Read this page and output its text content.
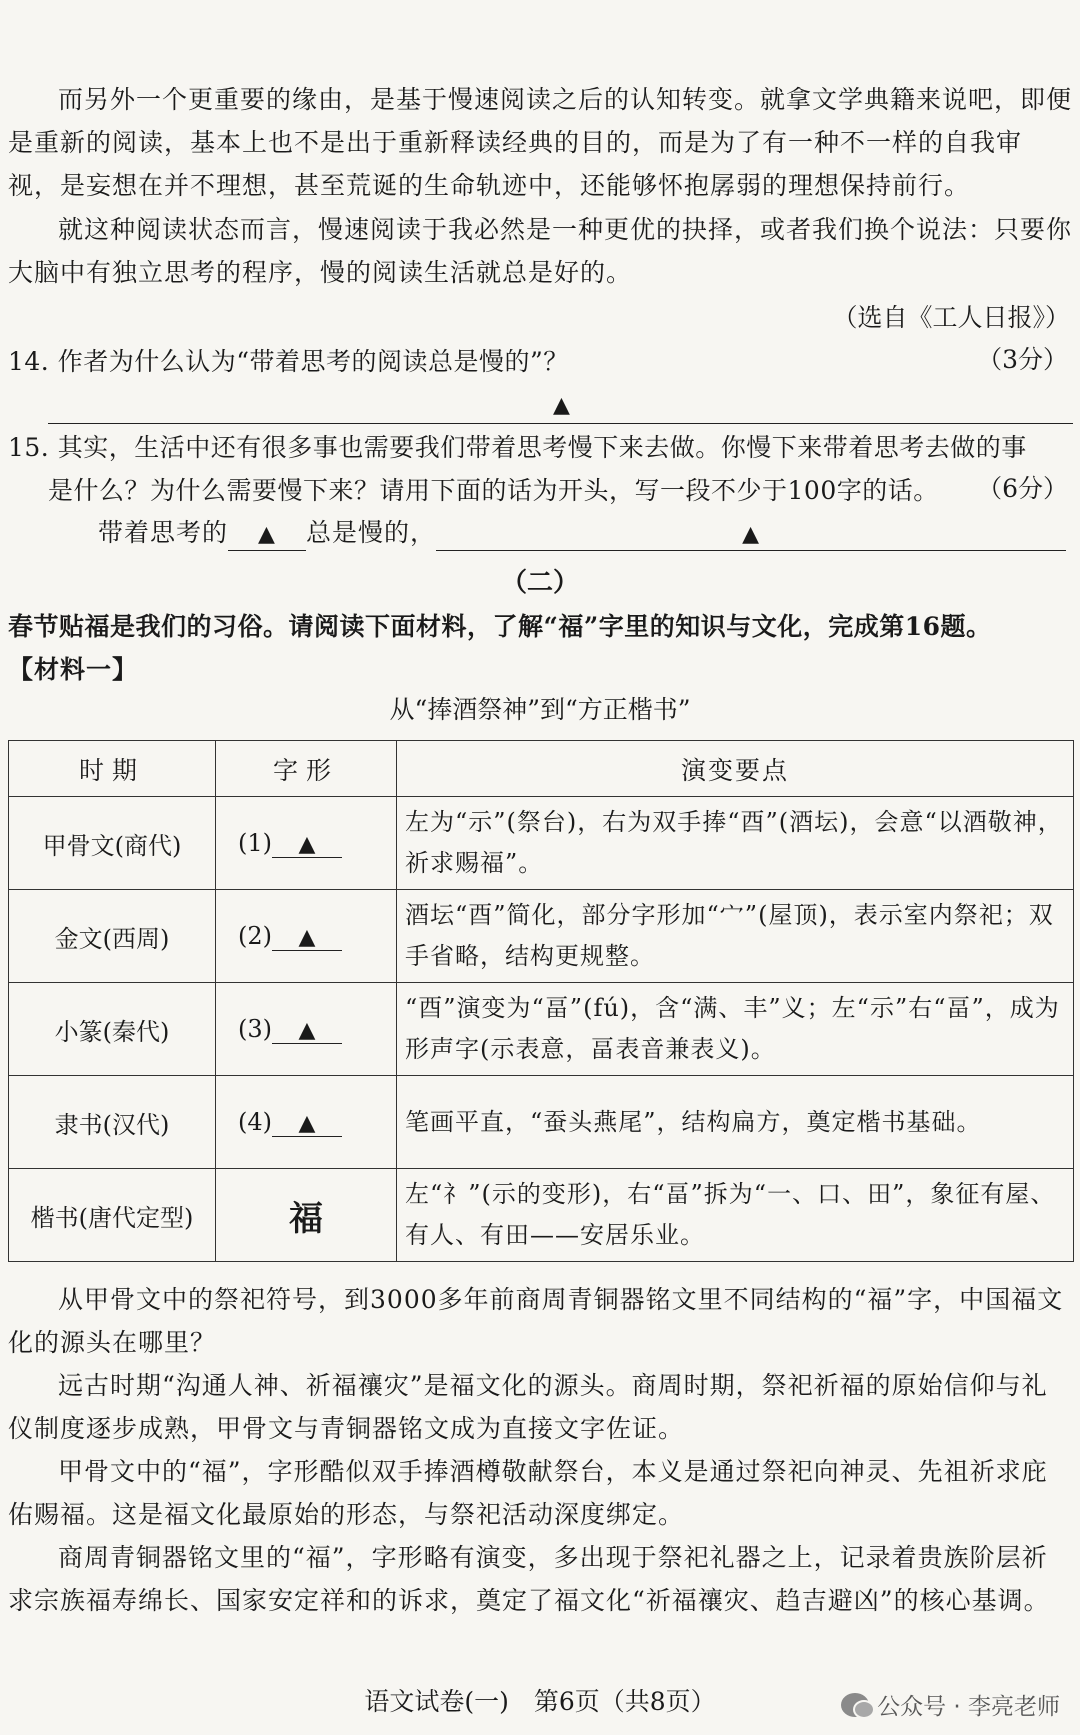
而另外一个更重要的缘由，是基于慢速阅读之后的认知转变。就拿文学典籍来说吧，即便是重新的阅读，基本上也不是出于重新释读经典的目的，而是为了有一种不一样的自我审视，是妄想在并不理想，甚至荒诞的生命轨迹中，还能够怀抱孱弱的理想保持前行。

就这种阅读状态而言，慢速阅读于我必然是一种更优的抉择，或者我们换个说法：只要你大脑中有独立思考的程序，慢的阅读生活就总是好的。

（选自《工人日报》）
14. 作者为什么认为“带着思考的阅读总是慢的”？	（3分）
▲
15. 其实，生活中还有很多事也需要我们带着思考慢下来去做。你慢下来带着思考去做的事
是什么？为什么需要慢下来？请用下面的话为开头，写一段不少于100字的话。	（6分）
带着思考的 ▲ 总是慢的，	▲
（二）
春节贴福是我们的习俗。请阅读下面材料，了解“福”字里的知识与文化，完成第16题。
【材料一】
从“捧酒祭神”到“方正楷书”
时期	字形	演变要点
甲骨文(商代)	(1) ▲	左为“示”(祭台)，右为双手捧“酉”(酒坛)，会意“以酒敬神，祈求赐福”。
金文(西周)	(2) ▲	酒坛“酉”简化，部分字形加“宀”(屋顶)，表示室内祭祀；双手省略，结构更规整。
小篆(秦代)	(3) ▲	“酉”演变为“畐”(fú)，含“满、丰”义；左“示”右“畐”，成为形声字(示表意，畐表音兼表义)。
隶书(汉代)	(4) ▲	笔画平直，“蚕头燕尾”，结构扁方，奠定楷书基础。
楷书(唐代定型)	福	左“礻”(示的变形)，右“畐”拆为“一、口、田”，象征有屋、有人、有田——安居乐业。

从甲骨文中的祭祀符号，到3000多年前商周青铜器铭文里不同结构的“福”字，中国福文化的源头在哪里？

远古时期“沟通人神、祈福禳灾”是福文化的源头。商周时期，祭祀祈福的原始信仰与礼仪制度逐步成熟，甲骨文与青铜器铭文成为直接文字佐证。

甲骨文中的“福”，字形酷似双手捧酒樽敬献祭台，本义是通过祭祀向神灵、先祖祈求庇佑赐福。这是福文化最原始的形态，与祭祀活动深度绑定。

商周青铜器铭文里的“福”，字形略有演变，多出现于祭祀礼器之上，记录着贵族阶层祈求宗族福寿绵长、国家安定祥和的诉求，奠定了福文化“祈福禳灾、趋吉避凶”的核心基调。

语文试卷(一)　第6页（共8页）	公众号 · 李亮老师
